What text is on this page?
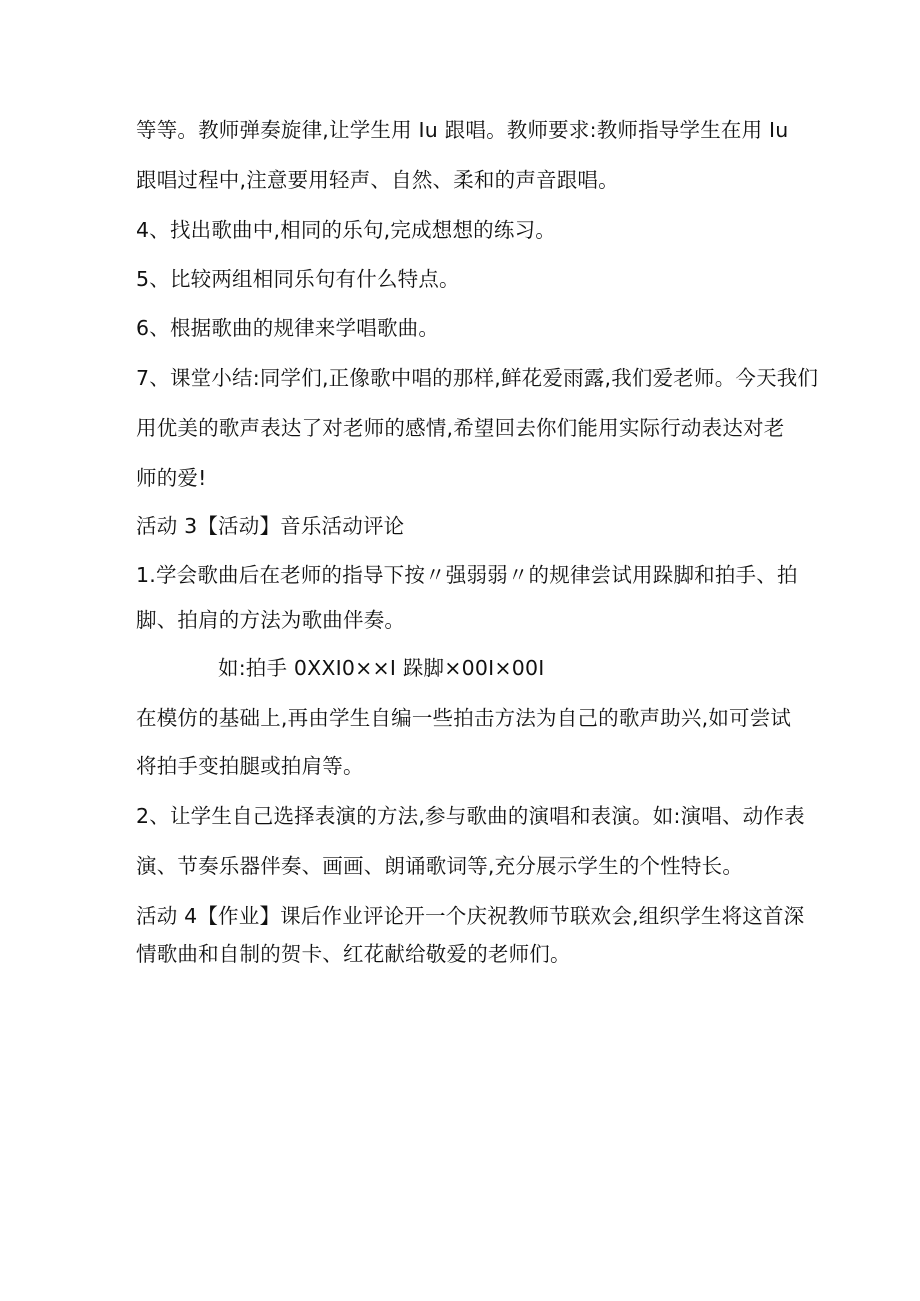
等等。教师弹奏旋律,让学生用 Iu 跟唱。教师要求:教师指导学生在用 Iu
跟唱过程中,注意要用轻声、自然、柔和的声音跟唱。
4、找出歌曲中,相同的乐句,完成想想的练习。
5、比较两组相同乐句有什么特点。
6、根据歌曲的规律来学唱歌曲。
7、课堂小结:同学们,正像歌中唱的那样,鲜花爱雨露,我们爱老师。今天我们
用优美的歌声表达了对老师的感情,希望回去你们能用实际行动表达对老
师的爱!
活动 3【活动】音乐活动评论
1.学会歌曲后在老师的指导下按〃强弱弱〃的规律尝试用跺脚和拍手、拍
脚、拍肩的方法为歌曲伴奏。
如:拍手 0XXI0××I 跺脚×00I×00I
在模仿的基础上,再由学生自编一些拍击方法为自己的歌声助兴,如可尝试
将拍手变拍腿或拍肩等。
2、让学生自己选择表演的方法,参与歌曲的演唱和表演。如:演唱、动作表
演、节奏乐器伴奏、画画、朗诵歌词等,充分展示学生的个性特长。
活动 4【作业】课后作业评论开一个庆祝教师节联欢会,组织学生将这首深
情歌曲和自制的贺卡、红花献给敬爱的老师们。
